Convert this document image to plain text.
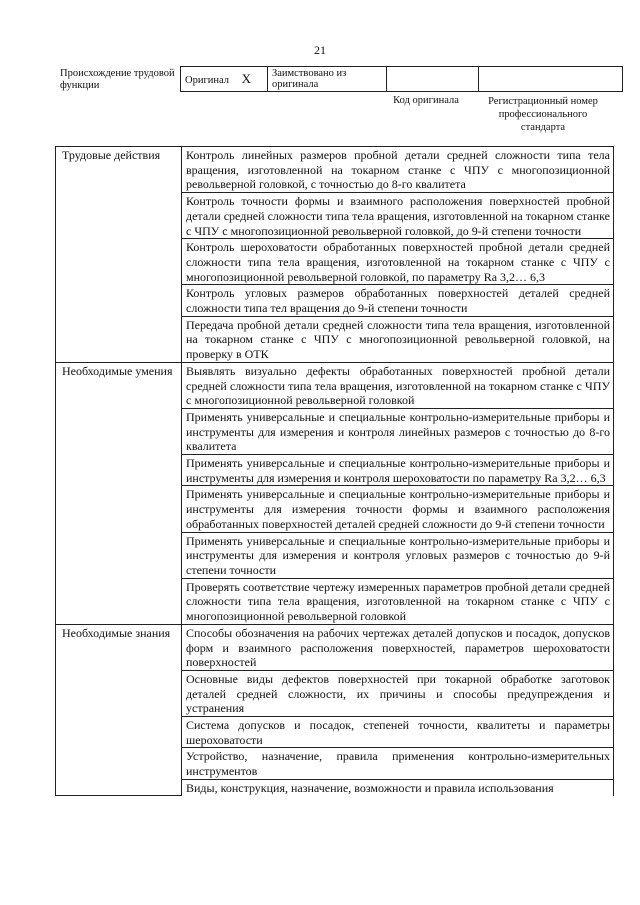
21
Происхождение трудовой функции	Оригинал X	Заимствовано из оригинала		
Код оригинала	Регистрационный номер профессионального стандарта
Трудовые действия	Контроль линейных размеров пробной детали средней сложности типа тела вращения, изготовленной на токарном станке с ЧПУ с многопозиционной револьверной головкой, с точностью до 8-го квалитета
	Контроль точности формы и взаимного расположения поверхностей пробной детали средней сложности типа тела вращения, изготовленной на токарном станке с ЧПУ с многопозиционной револьверной головкой, до 9-й степени точности
	Контроль шероховатости обработанных поверхностей пробной детали средней сложности типа тела вращения, изготовленной на токарном станке с ЧПУ с многопозиционной револьверной головкой, по параметру Ra 3,2… 6,3
	Контроль угловых размеров обработанных поверхностей деталей средней сложности типа тел вращения до 9-й степени точности
	Передача пробной детали средней сложности типа тела вращения, изготовленной на токарном станке с ЧПУ с многопозиционной револьверной головкой, на проверку в ОТК
Необходимые умения	Выявлять визуально дефекты обработанных поверхностей пробной детали средней сложности типа тела вращения, изготовленной на токарном станке с ЧПУ с многопозиционной револьверной головкой
	Применять универсальные и специальные контрольно-измерительные приборы и инструменты для измерения и контроля линейных размеров с точностью до 8-го квалитета
	Применять универсальные и специальные контрольно-измерительные приборы и инструменты для измерения и контроля шероховатости по параметру Ra 3,2… 6,3
	Применять универсальные и специальные контрольно-измерительные приборы и инструменты для измерения точности формы и взаимного расположения обработанных поверхностей деталей средней сложности до 9-й степени точности
	Применять универсальные и специальные контрольно-измерительные приборы и инструменты для измерения и контроля угловых размеров с точностью до 9-й степени точности
	Проверять соответствие чертежу измеренных параметров пробной детали средней сложности типа тела вращения, изготовленной на токарном станке с ЧПУ с многопозиционной револьверной головкой
Необходимые знания	Способы обозначения на рабочих чертежах деталей допусков и посадок, допусков форм и взаимного расположения поверхностей, параметров шероховатости поверхностей
	Основные виды дефектов поверхностей при токарной обработке заготовок деталей средней сложности, их причины и способы предупреждения и устранения
	Система допусков и посадок, степеней точности, квалитеты и параметры шероховатости
	Устройство, назначение, правила применения контрольно-измерительных инструментов
	Виды, конструкция, назначение, возможности и правила использования
